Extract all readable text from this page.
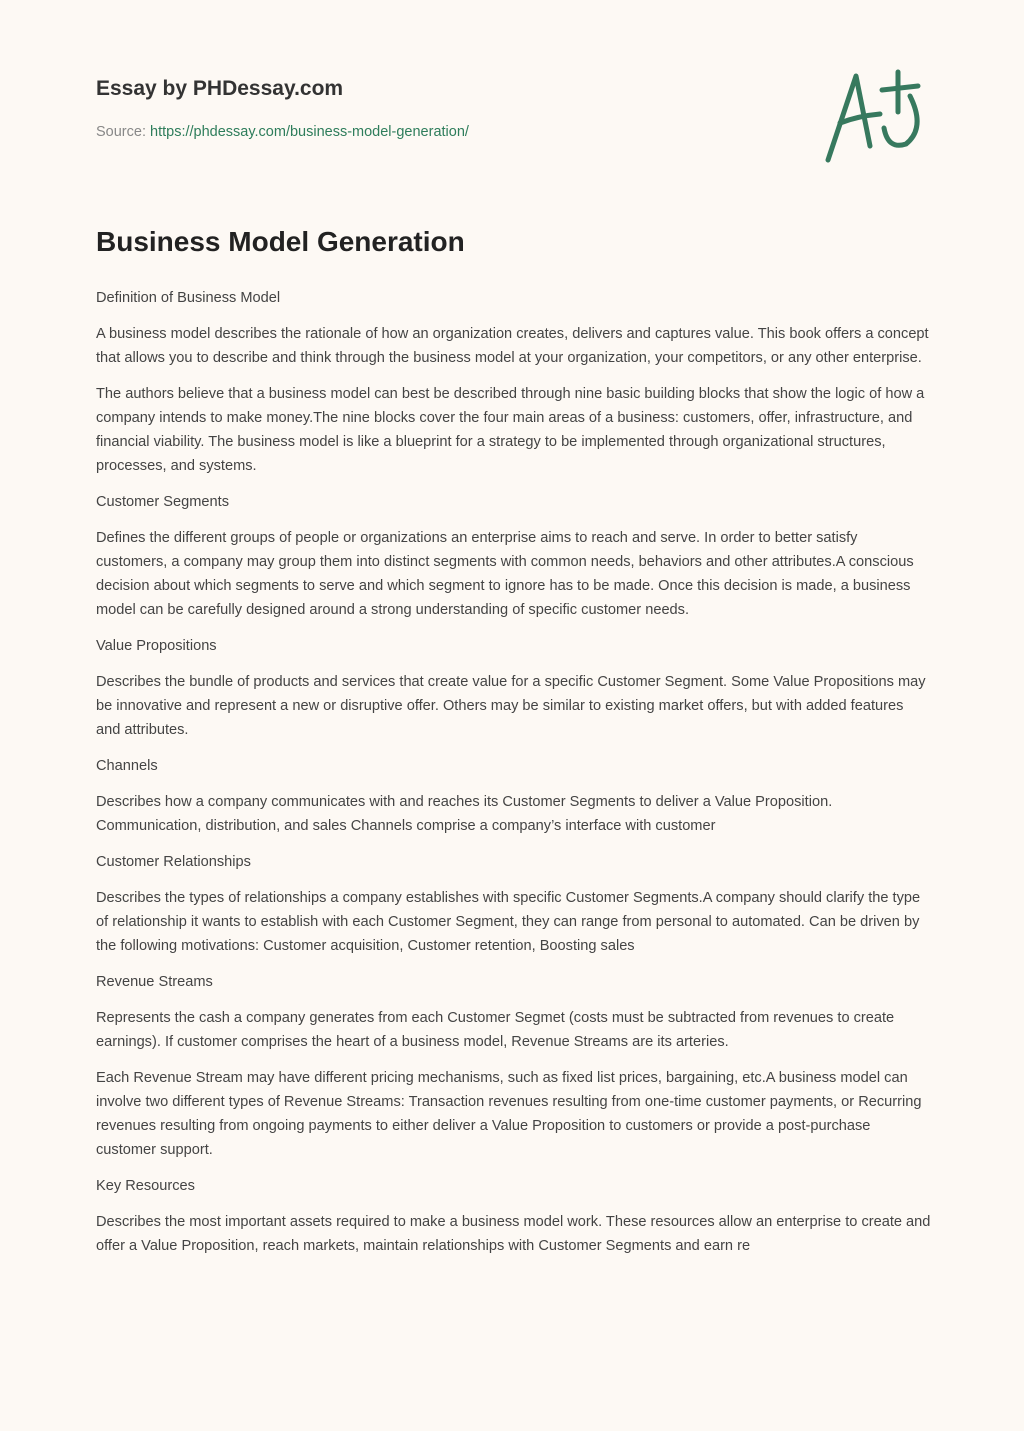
Essay by PHDessay.com
Source: https://phdessay.com/business-model-generation/
Business Model Generation

Definition of Business Model

A business model describes the rationale of how an organization creates, delivers and captures value. This book offers a concept that allows you to describe and think through the business model at your organization, your competitors, or any other enterprise.

The authors believe that a business model can best be described through nine basic building blocks that show the logic of how a company intends to make money.The nine blocks cover the four main areas of a business: customers, offer, infrastructure, and financial viability. The business model is like a blueprint for a strategy to be implemented through organizational structures, processes, and systems.

Customer Segments

Defines the different groups of people or organizations an enterprise aims to reach and serve. In order to better satisfy customers, a company may group them into distinct segments with common needs, behaviors and other attributes.A conscious decision about which segments to serve and which segment to ignore has to be made. Once this decision is made, a business model can be carefully designed around a strong understanding of specific customer needs.

Value Propositions

Describes the bundle of products and services that create value for a specific Customer Segment. Some Value Propositions may be innovative and represent a new or disruptive offer. Others may be similar to existing market offers, but with added features and attributes.

Channels

Describes how a company communicates with and reaches its Customer Segments to deliver a Value Proposition. Communication, distribution, and sales Channels comprise a company’s interface with customer

Customer Relationships

Describes the types of relationships a company establishes with specific Customer Segments.A company should clarify the type of relationship it wants to establish with each Customer Segment, they can range from personal to automated. Can be driven by the following motivations: Customer acquisition, Customer retention, Boosting sales

Revenue Streams

Represents the cash a company generates from each Customer Segmet (costs must be subtracted from revenues to create earnings). If customer comprises the heart of a business model, Revenue Streams are its arteries.

Each Revenue Stream may have different pricing mechanisms, such as fixed list prices, bargaining, etc.A business model can involve two different types of Revenue Streams: Transaction revenues resulting from one-time customer payments, or Recurring revenues resulting from ongoing payments to either deliver a Value Proposition to customers or provide a post-purchase customer support.

Key Resources

Describes the most important assets required to make a business model work. These resources allow an enterprise to create and offer a Value Proposition, reach markets, maintain relationships with Customer Segments and earn re
